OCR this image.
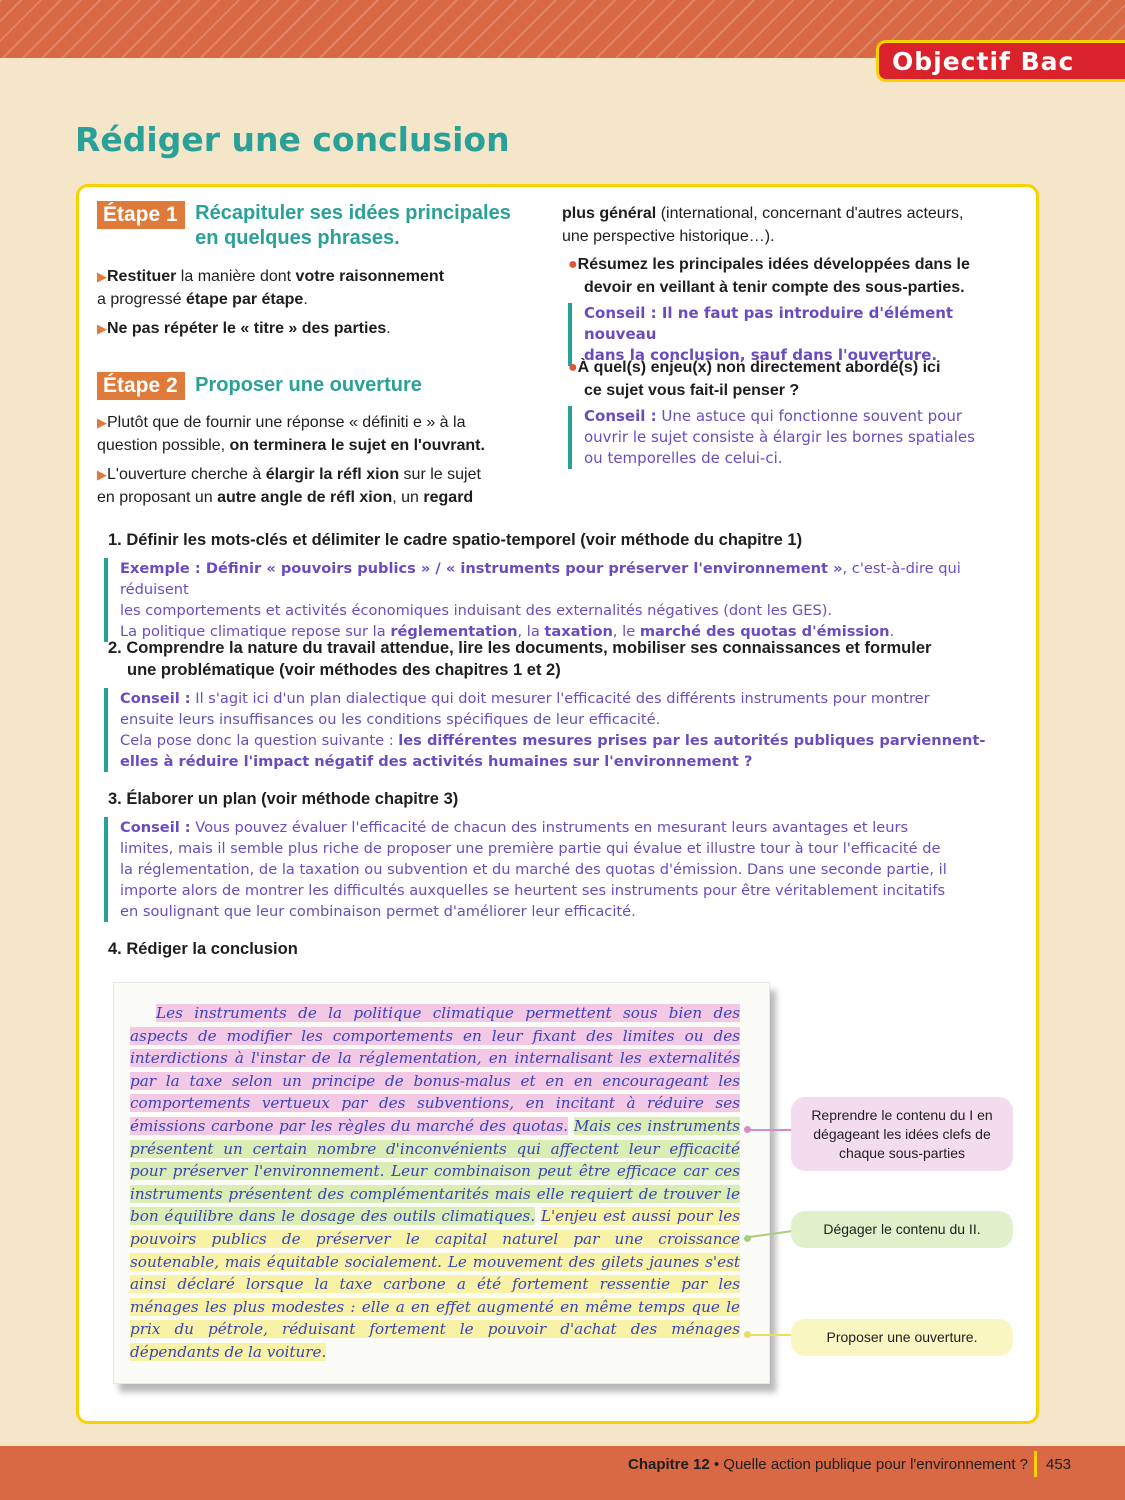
Objectif Bac
Rédiger une conclusion
Étape 1 Récapituler ses idées principales
en quelques phrases.
▶Restituer la manière dont votre raisonnement
a progressé étape par étape.
▶Ne pas répéter le « titre » des parties.
Étape 2 Proposer une ouverture
▶Plutôt que de fournir une réponse « définiti e » à la
question possible, on terminera le sujet en l'ouvrant.
▶L'ouverture cherche à élargir la réfl xion sur le sujet
en proposant un autre angle de réfl xion, un regard
plus général (international, concernant d'autres acteurs,
une perspective historique…).
●Résumez les principales idées développées dans le
devoir en veillant à tenir compte des sous-parties.
Conseil : Il ne faut pas introduire d'élément nouveau
dans la conclusion, sauf dans l'ouverture.
●À quel(s) enjeu(x) non directement abordé(s) ici
ce sujet vous fait-il penser ?
Conseil : Une astuce qui fonctionne souvent pour
ouvrir le sujet consiste à élargir les bornes spatiales
ou temporelles de celui-ci.
1. Définir les mots-clés et délimiter le cadre spatio-temporel (voir méthode du chapitre 1)
Exemple : Définir « pouvoirs publics » / « instruments pour préserver l'environnement », c'est-à-dire qui réduisent
les comportements et activités économiques induisant des externalités négatives (dont les GES).
La politique climatique repose sur la réglementation, la taxation, le marché des quotas d'émission.
2. Comprendre la nature du travail attendue, lire les documents, mobiliser ses connaissances et formuler
une problématique (voir méthodes des chapitres 1 et 2)
Conseil : Il s'agit ici d'un plan dialectique qui doit mesurer l'efficacité des différents instruments pour montrer
ensuite leurs insuffisances ou les conditions spécifiques de leur efficacité.
Cela pose donc la question suivante : les différentes mesures prises par les autorités publiques parviennent-
elles à réduire l'impact négatif des activités humaines sur l'environnement ?
3. Élaborer un plan (voir méthode chapitre 3)
Conseil : Vous pouvez évaluer l'efficacité de chacun des instruments en mesurant leurs avantages et leurs
limites, mais il semble plus riche de proposer une première partie qui évalue et illustre tour à tour l'efficacité de
la réglementation, de la taxation ou subvention et du marché des quotas d'émission. Dans une seconde partie, il
importe alors de montrer les difficultés auxquelles se heurtent ses instruments pour être véritablement incitatifs
en soulignant que leur combinaison permet d'améliorer leur efficacité.
4. Rédiger la conclusion
Les instruments de la politique climatique permettent sous bien des aspects de modifier les comportements en leur fixant des limites ou des interdictions à l'instar de la réglementation, en internalisant les externalités par la taxe selon un principe de bonus-malus et en en encourageant les comportements vertueux par des subventions, en incitant à réduire ses émissions carbone par les règles du marché des quotas. Mais ces instruments présentent un certain nombre d'inconvénients qui affectent leur efficacité pour préserver l'environnement. Leur combinaison peut être efficace car ces instruments présentent des complémentarités mais elle requiert de trouver le bon équilibre dans le dosage des outils climatiques. L'enjeu est aussi pour les pouvoirs publics de préserver le capital naturel par une croissance soutenable, mais équitable socialement. Le mouvement des gilets jaunes s'est ainsi déclaré lorsque la taxe carbone a été fortement ressentie par les ménages les plus modestes : elle a en effet augmenté en même temps que le prix du pétrole, réduisant fortement le pouvoir d'achat des ménages dépendants de la voiture.
Reprendre le contenu du I en dégageant les idées clefs de chaque sous-parties
Dégager le contenu du II.
Proposer une ouverture.
Chapitre 12 • Quelle action publique pour l'environnement ? 453
